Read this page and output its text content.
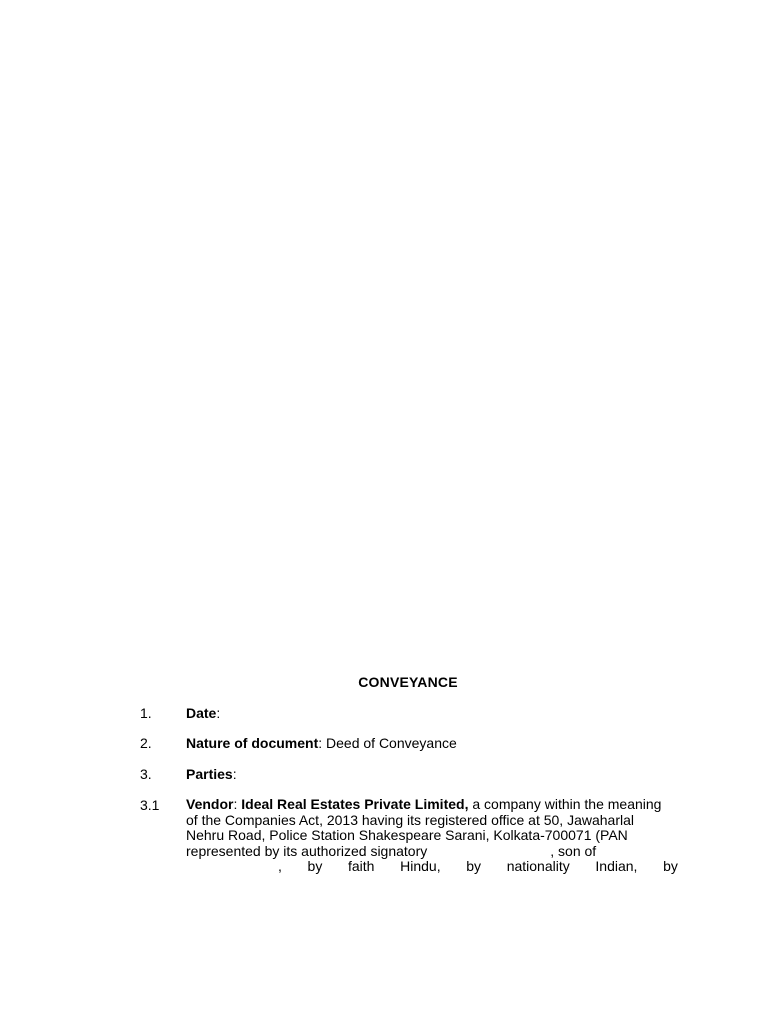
CONVEYANCE
1.	Date:
2.	Nature of document: Deed of Conveyance
3.	Parties:
3.1	Vendor: Ideal Real Estates Private Limited, a company within the meaning
of the Companies Act, 2013 having its registered office at 50, Jawaharlal
Nehru Road, Police Station Shakespeare Sarani, Kolkata-700071 (PAN
represented by its authorized signatory	, son of
, by faith Hindu, by nationality Indian, by
